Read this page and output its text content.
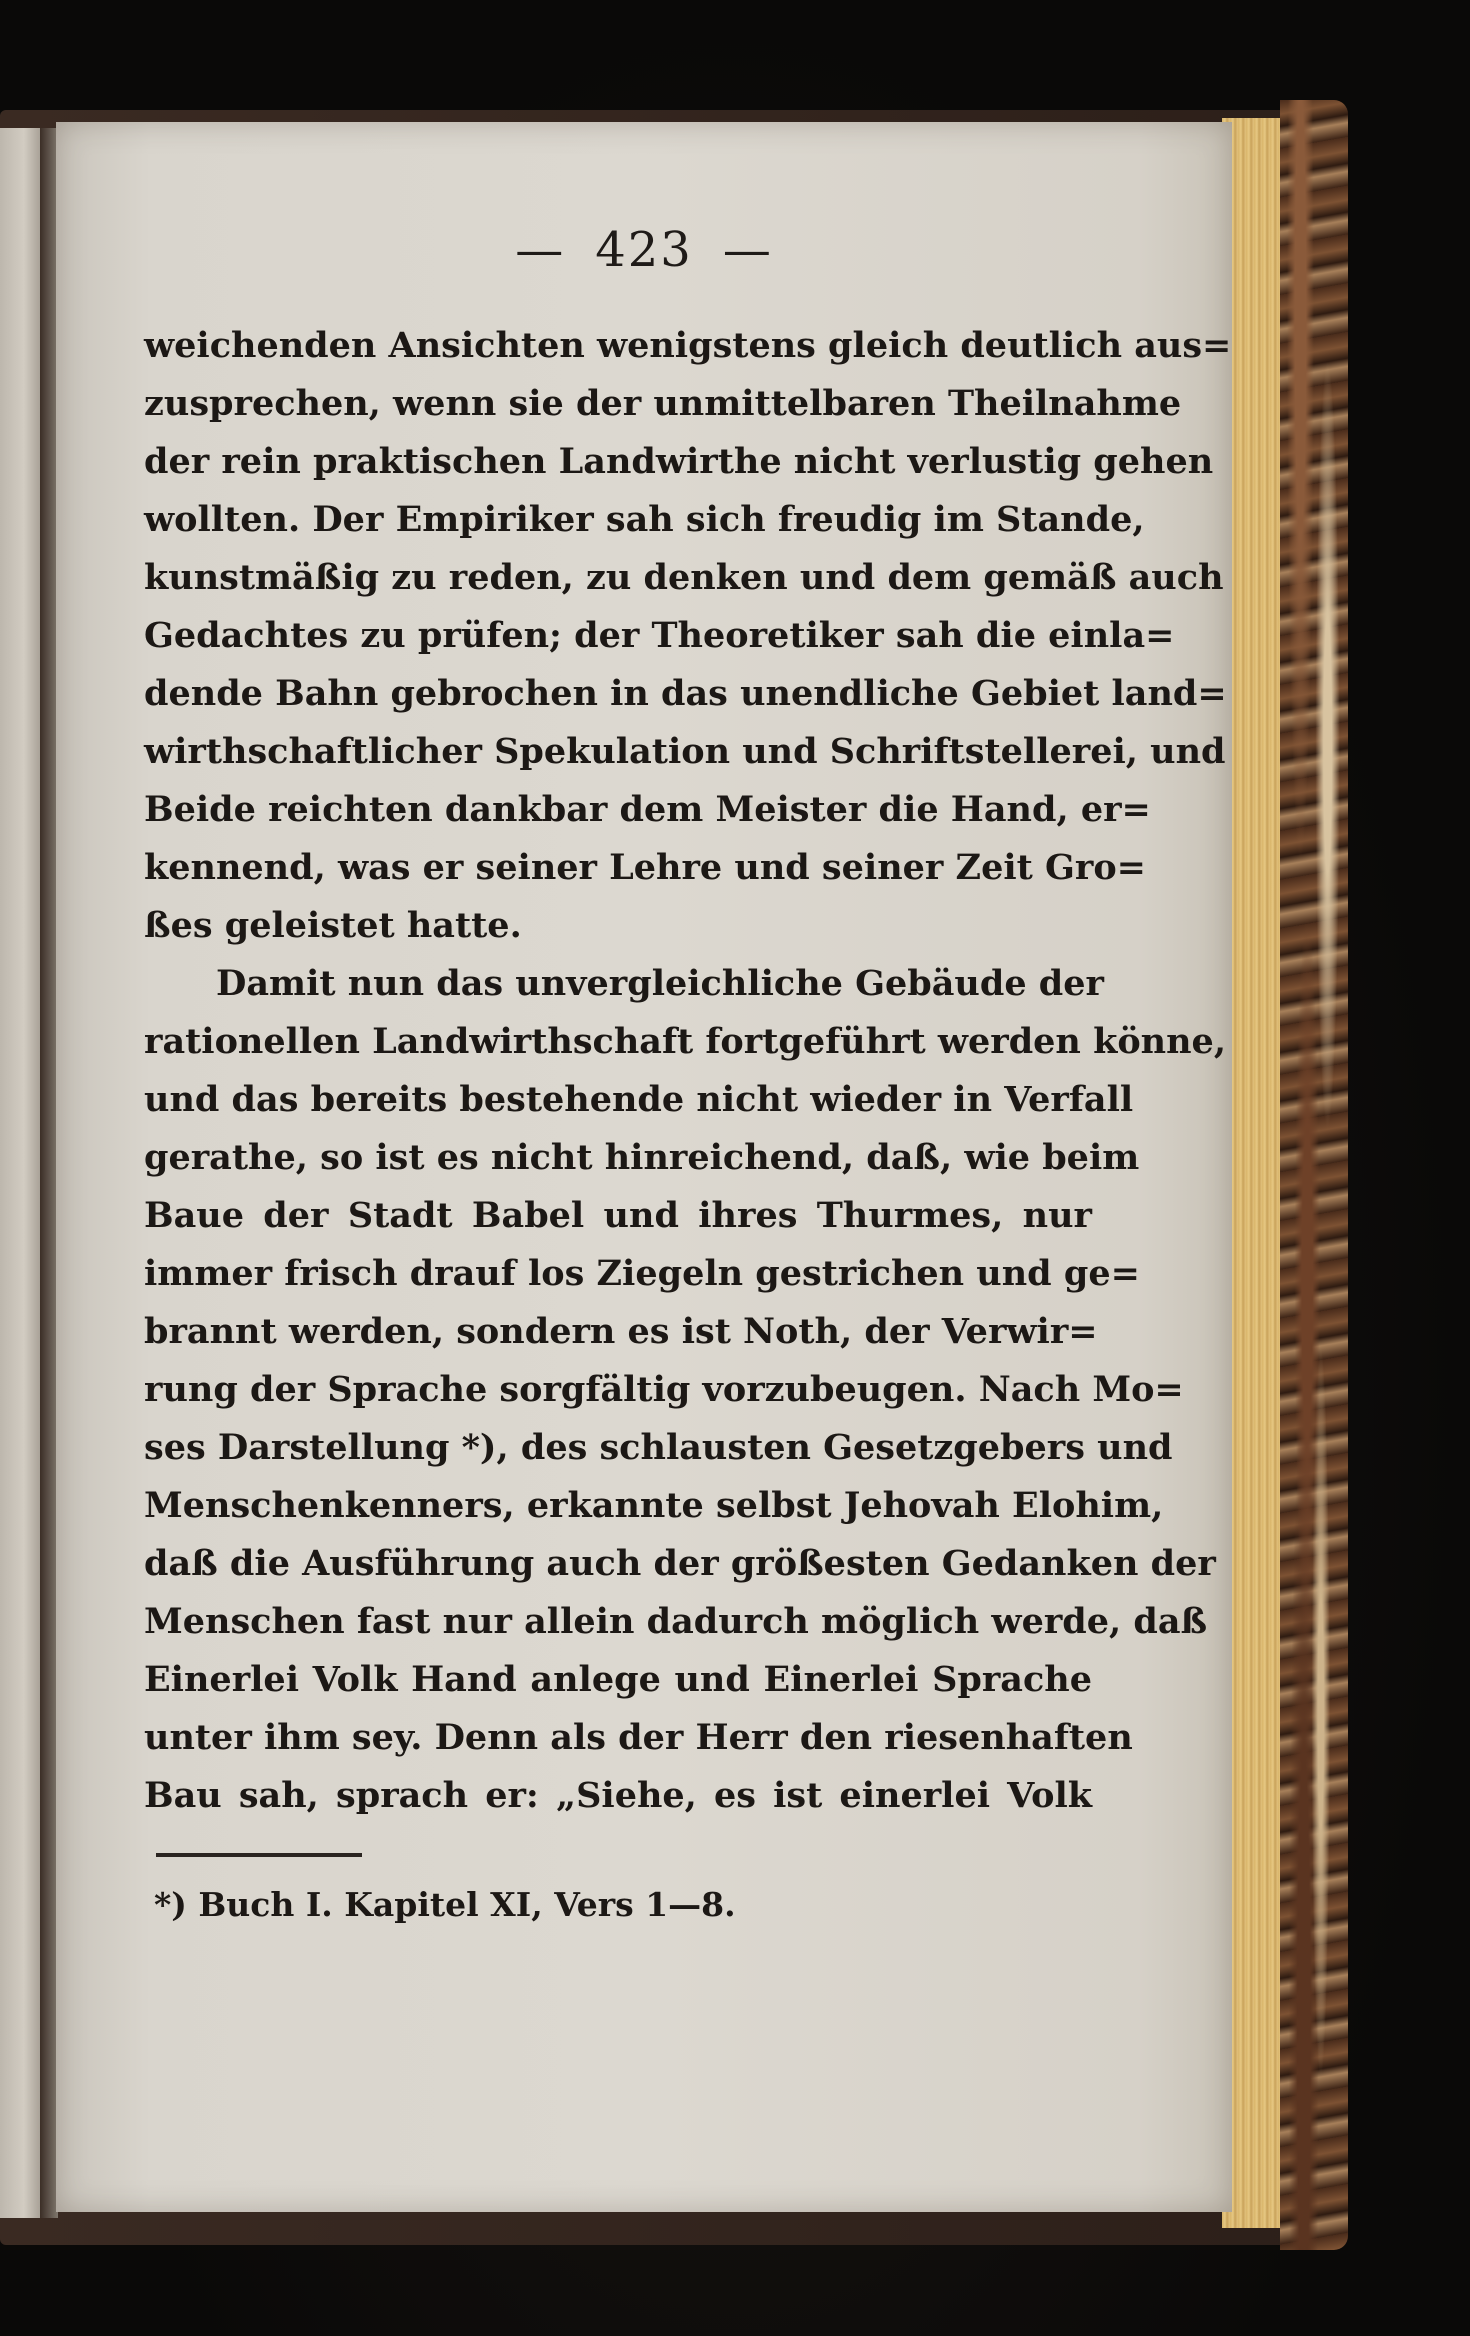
— 423 —
weichenden Ansichten wenigstens gleich deutlich aus=
zusprechen, wenn sie der unmittelbaren Theilnahme
der rein praktischen Landwirthe nicht verlustig gehen
wollten. Der Empiriker sah sich freudig im Stande,
kunstmäßig zu reden, zu denken und dem gemäß auch
Gedachtes zu prüfen; der Theoretiker sah die einla=
dende Bahn gebrochen in das unendliche Gebiet land=
wirthschaftlicher Spekulation und Schriftstellerei, und
Beide reichten dankbar dem Meister die Hand, er=
kennend, was er seiner Lehre und seiner Zeit Gro=
ßes geleistet hatte.
Damit nun das unvergleichliche Gebäude der
rationellen Landwirthschaft fortgeführt werden könne,
und das bereits bestehende nicht wieder in Verfall
gerathe, so ist es nicht hinreichend, daß, wie beim
Baue der Stadt Babel und ihres Thurmes, nur
immer frisch drauf los Ziegeln gestrichen und ge=
brannt werden, sondern es ist Noth, der Verwir=
rung der Sprache sorgfältig vorzubeugen. Nach Mo=
ses Darstellung *), des schlausten Gesetzgebers und
Menschenkenners, erkannte selbst Jehovah Elohim,
daß die Ausführung auch der größesten Gedanken der
Menschen fast nur allein dadurch möglich werde, daß
Einerlei Volk Hand anlege und Einerlei Sprache
unter ihm sey. Denn als der Herr den riesenhaften
Bau sah, sprach er: „Siehe, es ist einerlei Volk
*) Buch I. Kapitel XI, Vers 1—8.
